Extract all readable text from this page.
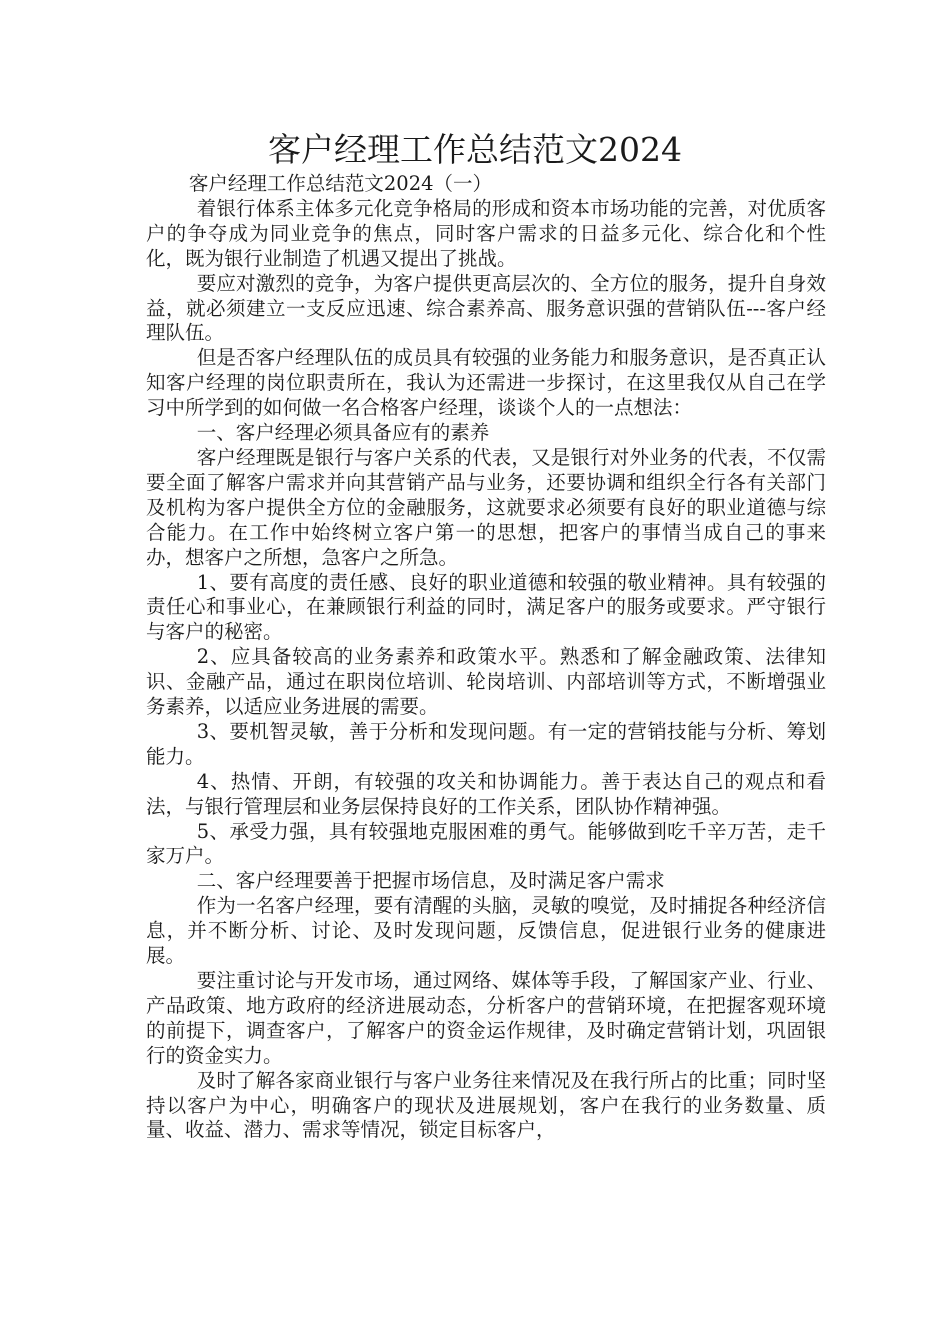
客户经理工作总结范文2024

客户经理工作总结范文2024（一）

着银行体系主体多元化竞争格局的形成和资本市场功能的完善，对优质客户的争夺成为同业竞争的焦点，同时客户需求的日益多元化、综合化和个性化，既为银行业制造了机遇又提出了挑战。

要应对激烈的竞争，为客户提供更高层次的、全方位的服务，提升自身效益，就必须建立一支反应迅速、综合素养高、服务意识强的营销队伍---客户经理队伍。

但是否客户经理队伍的成员具有较强的业务能力和服务意识，是否真正认知客户经理的岗位职责所在，我认为还需进一步探讨，在这里我仅从自己在学习中所学到的如何做一名合格客户经理，谈谈个人的一点想法：

一、客户经理必须具备应有的素养

客户经理既是银行与客户关系的代表，又是银行对外业务的代表，不仅需要全面了解客户需求并向其营销产品与业务，还要协调和组织全行各有关部门及机构为客户提供全方位的金融服务，这就要求必须要有良好的职业道德与综合能力。在工作中始终树立客户第一的思想，把客户的事情当成自己的事来办，想客户之所想，急客户之所急。

1、要有高度的责任感、良好的职业道德和较强的敬业精神。具有较强的责任心和事业心，在兼顾银行利益的同时，满足客户的服务或要求。严守银行与客户的秘密。

2、应具备较高的业务素养和政策水平。熟悉和了解金融政策、法律知识、金融产品，通过在职岗位培训、轮岗培训、内部培训等方式，不断增强业务素养，以适应业务进展的需要。

3、要机智灵敏，善于分析和发现问题。有一定的营销技能与分析、筹划能力。

4、热情、开朗，有较强的攻关和协调能力。善于表达自己的观点和看法，与银行管理层和业务层保持良好的工作关系，团队协作精神强。

5、承受力强，具有较强地克服困难的勇气。能够做到吃千辛万苦，走千家万户。

二、客户经理要善于把握市场信息，及时满足客户需求

作为一名客户经理，要有清醒的头脑，灵敏的嗅觉，及时捕捉各种经济信息，并不断分析、讨论、及时发现问题，反馈信息，促进银行业务的健康进展。

要注重讨论与开发市场，通过网络、媒体等手段，了解国家产业、行业、产品政策、地方政府的经济进展动态，分析客户的营销环境，在把握客观环境的前提下，调查客户，了解客户的资金运作规律，及时确定营销计划，巩固银行的资金实力。

及时了解各家商业银行与客户业务往来情况及在我行所占的比重；同时坚持以客户为中心，明确客户的现状及进展规划，客户在我行的业务数量、质量、收益、潜力、需求等情况，锁定目标客户，
